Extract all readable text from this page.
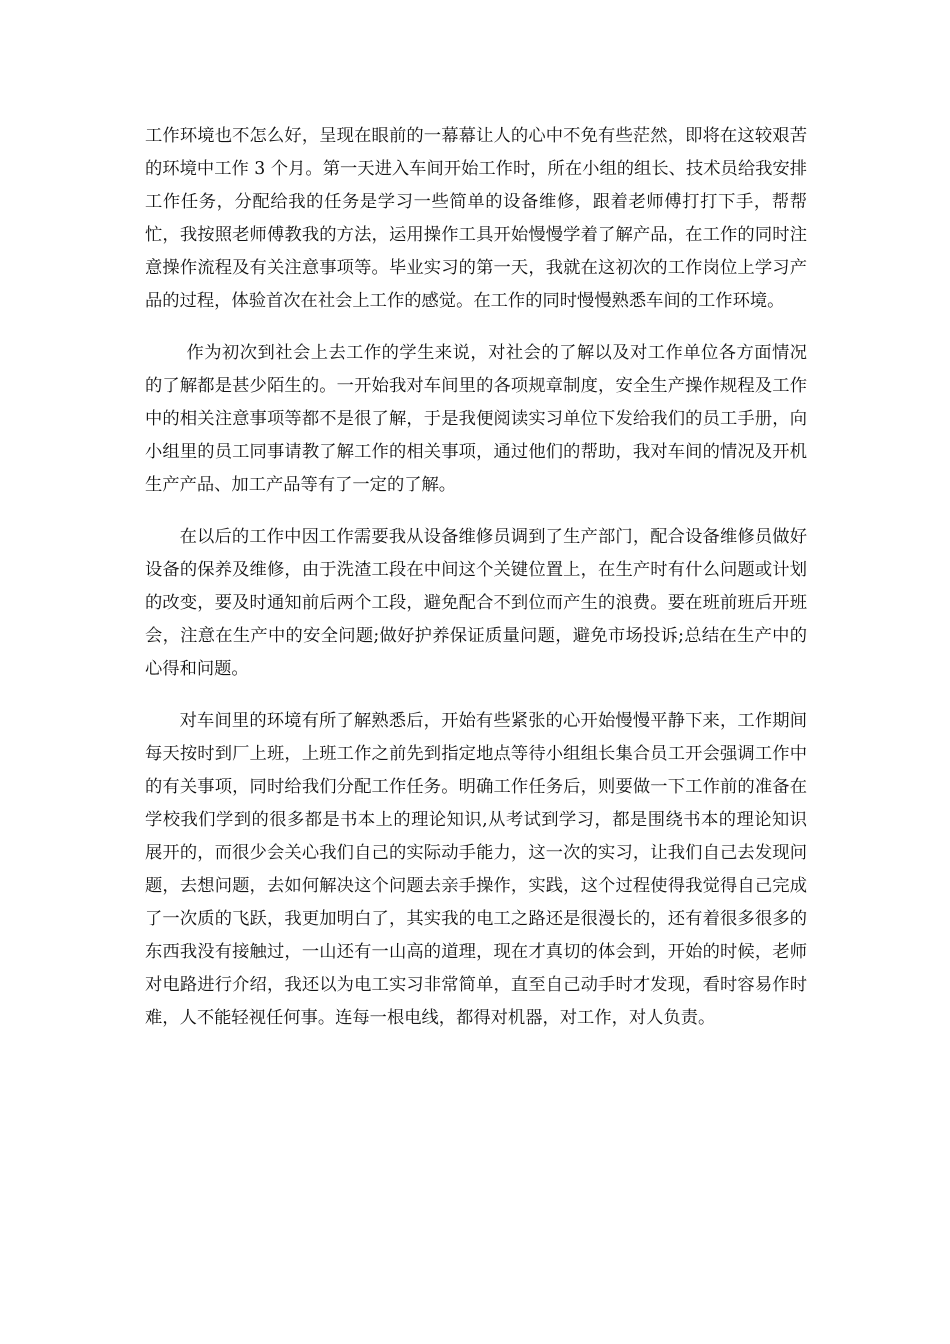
工作环境也不怎么好，呈现在眼前的一幕幕让人的心中不免有些茫然，即将在这较艰苦的环境中工作 3 个月。第一天进入车间开始工作时，所在小组的组长、技术员给我安排工作任务，分配给我的任务是学习一些简单的设备维修，跟着老师傅打打下手，帮帮忙，我按照老师傅教我的方法，运用操作工具开始慢慢学着了解产品，在工作的同时注意操作流程及有关注意事项等。毕业实习的第一天，我就在这初次的工作岗位上学习产品的过程，体验首次在社会上工作的感觉。在工作的同时慢慢熟悉车间的工作环境。

作为初次到社会上去工作的学生来说，对社会的了解以及对工作单位各方面情况的了解都是甚少陌生的。一开始我对车间里的各项规章制度，安全生产操作规程及工作中的相关注意事项等都不是很了解，于是我便阅读实习单位下发给我们的员工手册，向小组里的员工同事请教了解工作的相关事项，通过他们的帮助，我对车间的情况及开机生产产品、加工产品等有了一定的了解。

在以后的工作中因工作需要我从设备维修员调到了生产部门，配合设备维修员做好设备的保养及维修，由于洗渣工段在中间这个关键位置上，在生产时有什么问题或计划的改变，要及时通知前后两个工段，避免配合不到位而产生的浪费。要在班前班后开班会，注意在生产中的安全问题;做好护养保证质量问题，避免市场投诉;总结在生产中的心得和问题。

对车间里的环境有所了解熟悉后，开始有些紧张的心开始慢慢平静下来，工作期间每天按时到厂上班，上班工作之前先到指定地点等待小组组长集合员工开会强调工作中的有关事项，同时给我们分配工作任务。明确工作任务后，则要做一下工作前的准备在学校我们学到的很多都是书本上的理论知识,从考试到学习，都是围绕书本的理论知识展开的，而很少会关心我们自己的实际动手能力，这一次的实习，让我们自己去发现问题，去想问题，去如何解决这个问题去亲手操作，实践，这个过程使得我觉得自己完成了一次质的飞跃，我更加明白了，其实我的电工之路还是很漫长的，还有着很多很多的东西我没有接触过，一山还有一山高的道理，现在才真切的体会到，开始的时候，老师对电路进行介绍，我还以为电工实习非常简单，直至自己动手时才发现，看时容易作时难，人不能轻视任何事。连每一根电线，都得对机器，对工作，对人负责。
